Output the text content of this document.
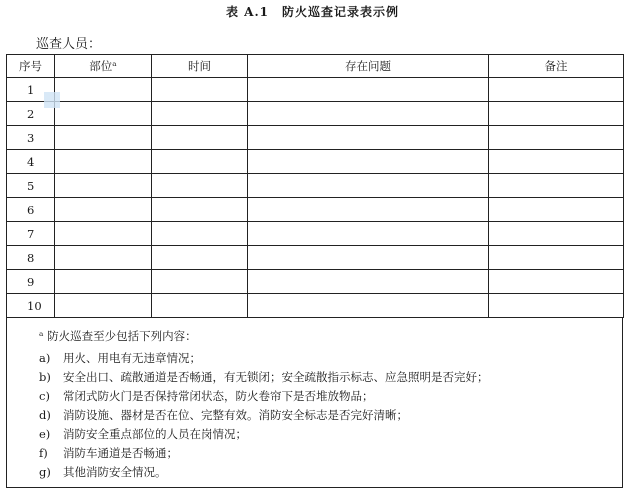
表 A.1　防火巡查记录表示例
巡查人员：
序号	部位ᵃ	时间	存在问题	备注
1				
2				
3				
4				
5				
6				
7				
8				
9				
10				
ᵃ 防火巡查至少包括下列内容：
a) 用火、用电有无违章情况；
b) 安全出口、疏散通道是否畅通，有无锁闭；安全疏散指示标志、应急照明是否完好；
c) 常闭式防火门是否保持常闭状态，防火卷帘下是否堆放物品；
d) 消防设施、器材是否在位、完整有效。消防安全标志是否完好清晰；
e) 消防安全重点部位的人员在岗情况；
f) 消防车通道是否畅通；
g) 其他消防安全情况。
